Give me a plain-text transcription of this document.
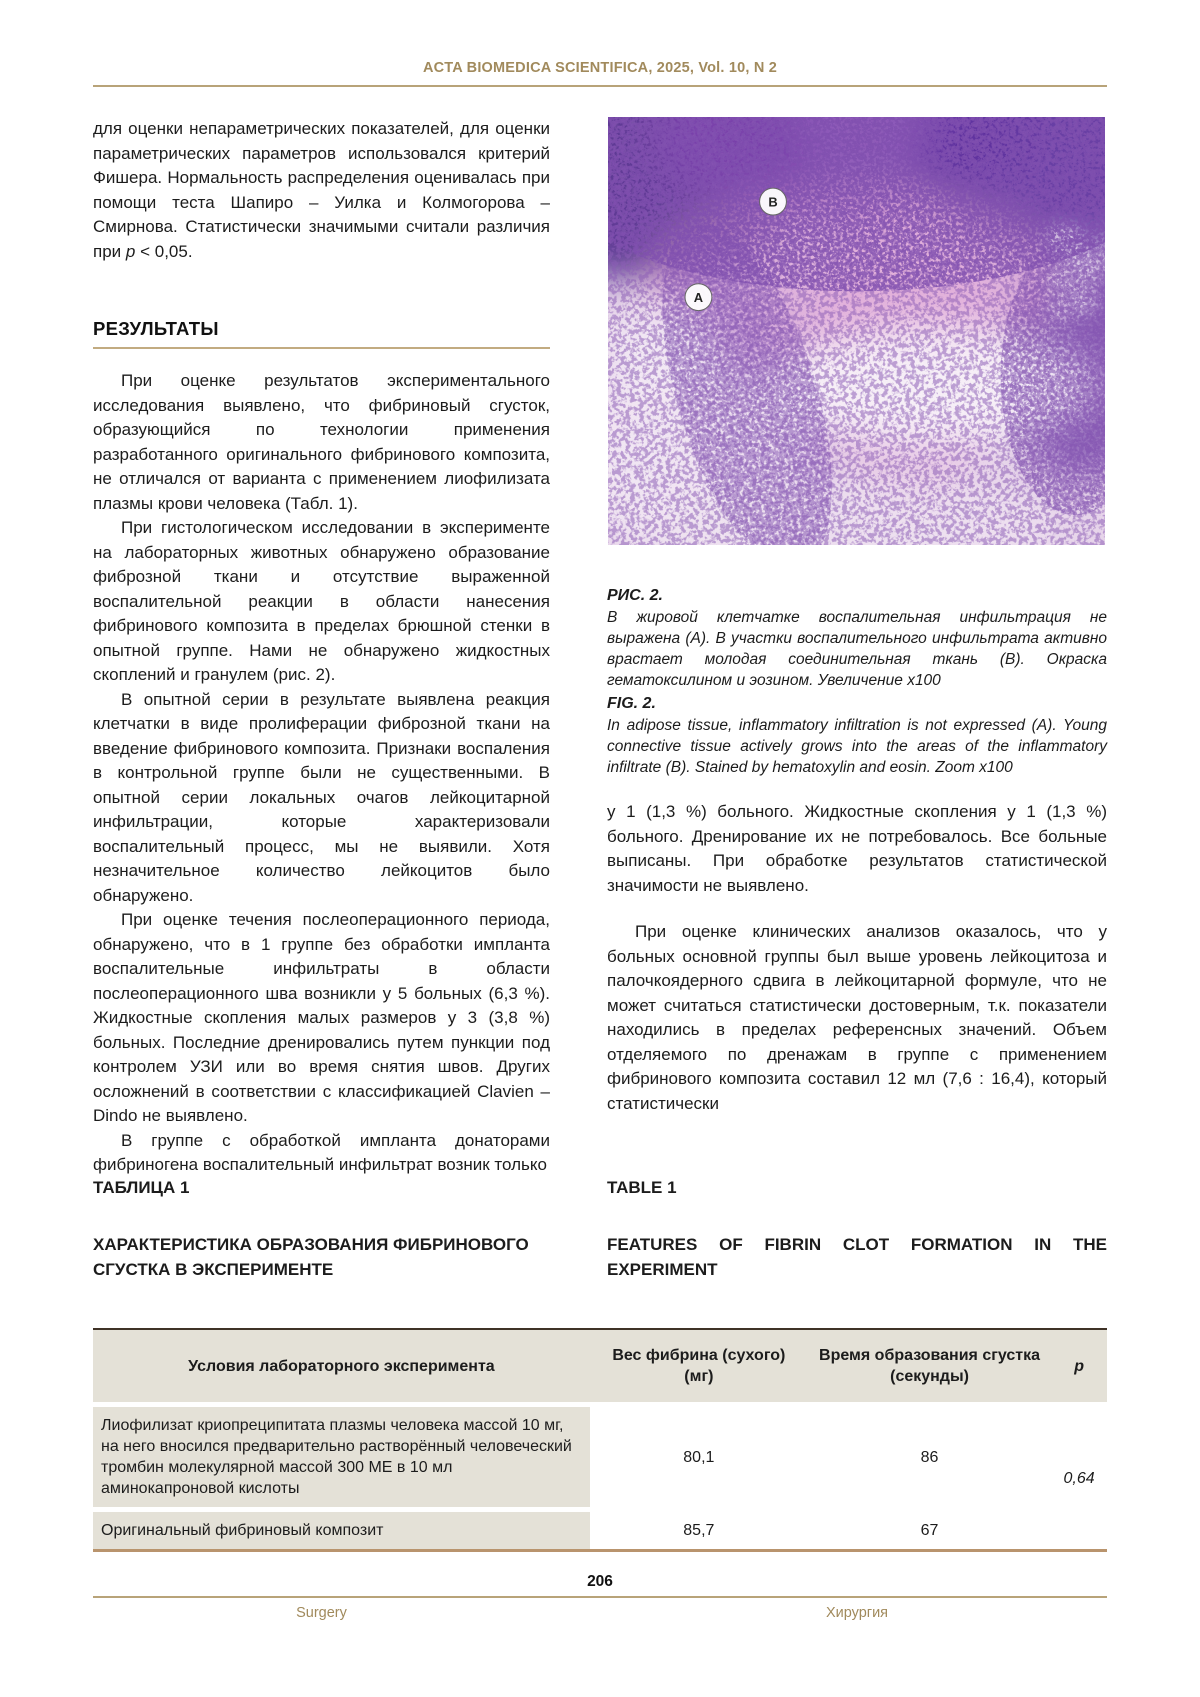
ACTA BIOMEDICA SCIENTIFICA, 2025, Vol. 10, N 2

для оценки непараметрических показателей, для оценки параметрических параметров использовался критерий Фишера. Нормальность распределения оценивалась при помощи теста Шапиро – Уилка и Колмогорова – Смирнова. Статистически значимыми считали различия при p < 0,05.

РЕЗУЛЬТАТЫ

При оценке результатов экспериментального исследования выявлено, что фибриновый сгусток, образующийся по технологии применения разработанного оригинального фибринового композита, не отличался от варианта с применением лиофилизата плазмы крови человека (Табл. 1).

При гистологическом исследовании в эксперименте на лабораторных животных обнаружено образование фиброзной ткани и отсутствие выраженной воспалительной реакции в области нанесения фибринового композита в пределах брюшной стенки в опытной группе. Нами не обнаружено жидкостных скоплений и гранулем (рис. 2).

В опытной серии в результате выявлена реакция клетчатки в виде пролиферации фиброзной ткани на введение фибринового композита. Признаки воспаления в контрольной группе были не существенными. В опытной серии локальных очагов лейкоцитарной инфильтрации, которые характеризовали воспалительный процесс, мы не выявили. Хотя незначительное количество лейкоцитов было обнаружено.

При оценке течения послеоперационного периода, обнаружено, что в 1 группе без обработки импланта воспалительные инфильтраты в области послеоперационного шва возникли у 5 больных (6,3 %). Жидкостные скопления малых размеров у 3 (3,8 %) больных. Последние дренировались путем пункции под контролем УЗИ или во время снятия швов. Других осложнений в соответствии с классификацией Clavien – Dindo не выявлено.

В группе с обработкой импланта донаторами фибриногена воспалительный инфильтрат возник только

B
A

РИС. 2.

В жировой клетчатке воспалительная инфильтрация не выражена (А). В участки воспалительного инфильтрата активно врастает молодая соединительная ткань (В). Окраска гематоксилином и эозином. Увеличение x100

FIG. 2.

In adipose tissue, inflammatory infiltration is not expressed (A). Young connective tissue actively grows into the areas of the inflammatory infiltrate (B). Stained by hematoxylin and eosin. Zoom x100

у 1 (1,3 %) больного. Жидкостные скопления у 1 (1,3 %) больного. Дренирование их не потребовалось. Все больные выписаны. При обработке результатов статистической значимости не выявлено.

При оценке клинических анализов оказалось, что у больных основной группы был выше уровень лейкоцитоза и палочкоядерного сдвига в лейкоцитарной формуле, что не может считаться статистически достоверным, т.к. показатели находились в пределах референсных значений. Объем отделяемого по дренажам в группе с применением фибринового композита составил 12 мл (7,6 : 16,4), который статистически

ТАБЛИЦА 1	TABLE 1
ХАРАКТЕРИСТИКА ОБРАЗОВАНИЯ ФИБРИНОВОГО СГУСТКА В ЭКСПЕРИМЕНТЕ
FEATURES OF FIBRIN CLOT FORMATION IN THE EXPERIMENT
Условия лабораторного эксперимента	Вес фибрина (сухого) (мг)	Время образования сгустка (секунды)	p
Лиофилизат криопреципитата плазмы человека массой 10 мг, на него вносился предварительно растворённый человеческий тромбин молекулярной массой 300 МЕ в 10 мл аминокапроновой кислоты	80,1	86	0,64
Оригинальный фибриновый композит	85,7	67	
206
Surgery	Хирургия
